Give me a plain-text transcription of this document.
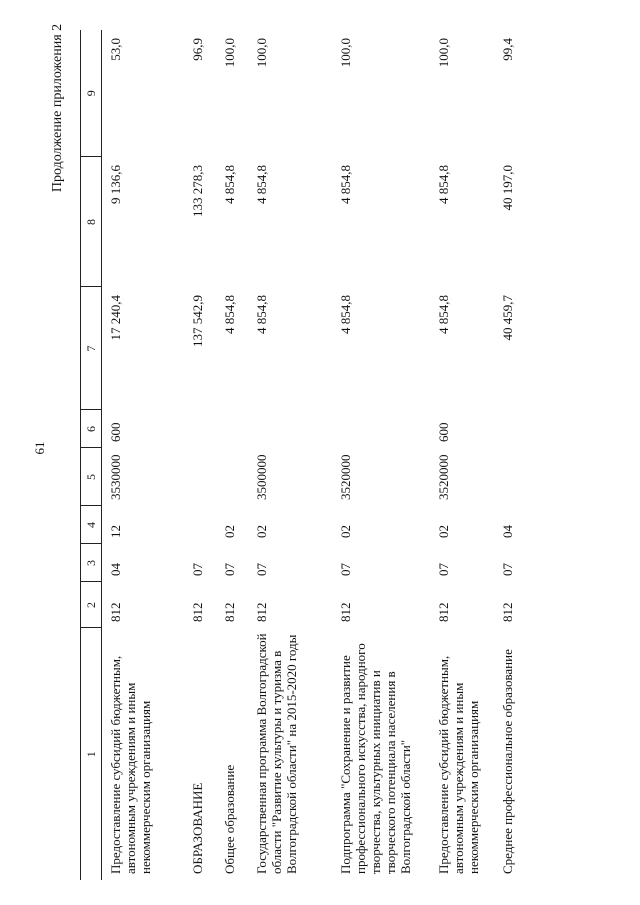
61
Продолжение приложения 2
1	2	3	4	5	6	7	8	9
Предоставление субсидий бюджетным, автономным учреждениям и иным некоммерческим организациям	812	04	12	3530000	600	17 240,4	9 136,6	53,0
ОБРАЗОВАНИЕ	812	07				137 542,9	133 278,3	96,9
Общее образование	812	07	02			4 854,8	4 854,8	100,0
Государственная программа Волгоградской области "Развитие культуры и туризма в Волгоградской области" на 2015-2020 годы	812	07	02	3500000		4 854,8	4 854,8	100,0
Подпрограмма "Сохранение и развитие профессионального искусства, народного творчества, культурных инициатив и творческого потенциала населения в Волгоградской области"	812	07	02	3520000		4 854,8	4 854,8	100,0
Предоставление субсидий бюджетным, автономным учреждениям и иным некоммерческим организациям	812	07	02	3520000	600	4 854,8	4 854,8	100,0
Среднее профессиональное образование	812	07	04			40 459,7	40 197,0	99,4
